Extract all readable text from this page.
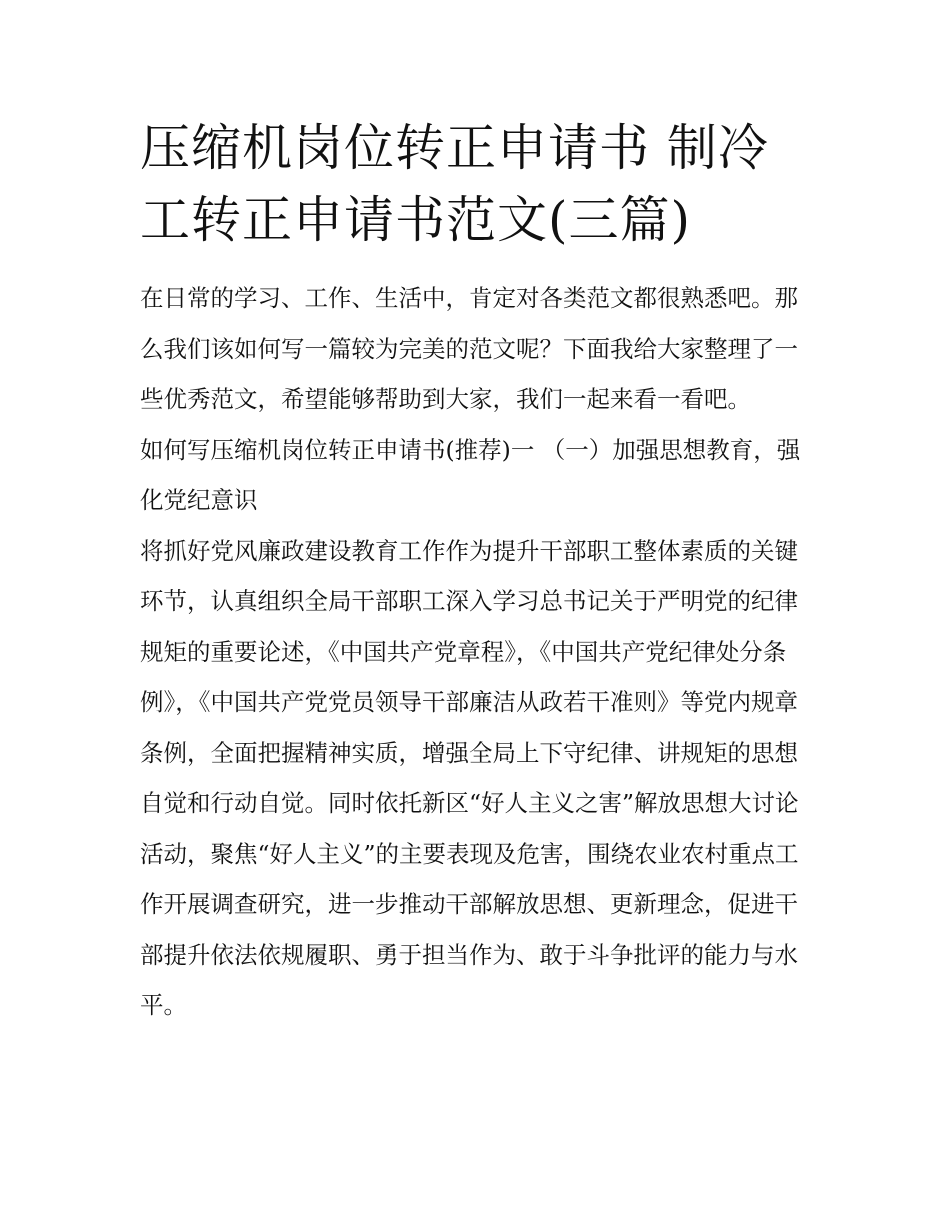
压缩机岗位转正申请书 制冷工转正申请书范文(三篇)

在日常的学习、工作、生活中，肯定对各类范文都很熟悉吧。那么我们该如何写一篇较为完美的范文呢？下面我给大家整理了一些优秀范文，希望能够帮助到大家，我们一起来看一看吧。

如何写压缩机岗位转正申请书(推荐)一 （一）加强思想教育，强化党纪意识

将抓好党风廉政建设教育工作作为提升干部职工整体素质的关键环节，认真组织全局干部职工深入学习总书记关于严明党的纪律规矩的重要论述，《中国共产党章程》，《中国共产党纪律处分条例》，《中国共产党党员领导干部廉洁从政若干准则》等党内规章条例，全面把握精神实质，增强全局上下守纪律、讲规矩的思想自觉和行动自觉。同时依托新区“好人主义之害”解放思想大讨论活动，聚焦“好人主义”的主要表现及危害，围绕农业农村重点工作开展调查研究，进一步推动干部解放思想、更新理念，促进干部提升依法依规履职、勇于担当作为、敢于斗争批评的能力与水平。
